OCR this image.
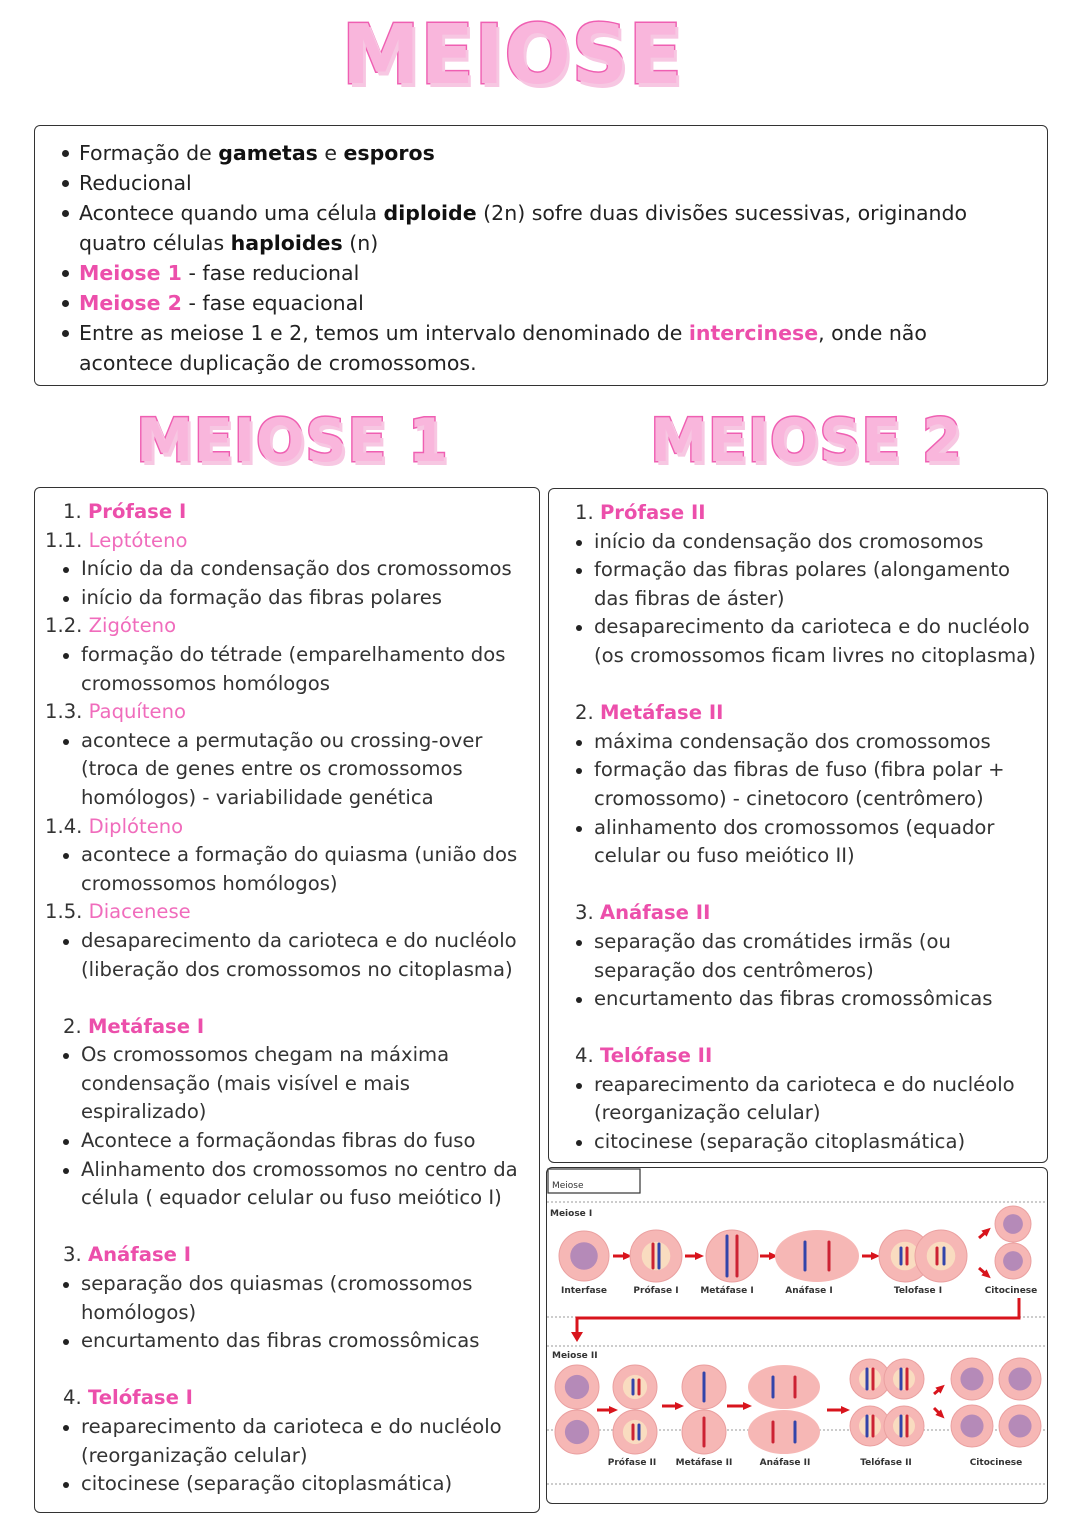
MEIOSE
Formação de gametas e esporos
Reducional
Acontece quando uma célula diploide (2n) sofre duas divisões sucessivas, originando quatro células haploides (n)
Meiose 1 - fase reducional
Meiose 2 - fase equacional
Entre as meiose 1 e 2, temos um intervalo denominado de intercinese, onde não acontece duplicação de cromossomos.
MEIOSE 1	MEIOSE 2
1. Prófase I
1.1. Leptóteno
Início da da condensação dos cromossomos
início da formação das fibras polares
1.2. Zigóteno
formação do tétrade (emparelhamento dos cromossomos homólogos
1.3. Paquíteno
acontece a permutação ou crossing-over (troca de genes entre os cromossomos homólogos) - variabilidade genética
1.4. Diplóteno
acontece a formação do quiasma (união dos cromossomos homólogos)
1.5. Diacenese
desaparecimento da carioteca e do nucléolo (liberação dos cromossomos no citoplasma)
2. Metáfase I
Os cromossomos chegam na máxima condensação (mais visível e mais espiralizado)
Acontece a formaçãondas fibras do fuso
Alinhamento dos cromossomos no centro da célula ( equador celular ou fuso meiótico I)
3. Anáfase I
separação dos quiasmas (cromossomos homólogos)
encurtamento das fibras cromossômicas
4. Telófase I
reaparecimento da carioteca e do nucléolo (reorganização celular)
citocinese (separação citoplasmática)
1. Prófase II
início da condensação dos cromosomos
formação das fibras polares (alongamento das fibras de áster)
desaparecimento da carioteca e do nucléolo (os cromossomos ficam livres no citoplasma)
2. Metáfase II
máxima condensação dos cromossomos
formação das fibras de fuso (fibra polar + cromossomo) - cinetocoro (centrômero)
alinhamento dos cromossomos (equador celular ou fuso meiótico II)
3. Anáfase II
separação das cromátides irmãs (ou separação dos centrômeros)
encurtamento das fibras cromossômicas
4. Telófase II
reaparecimento da carioteca e do nucléolo (reorganização celular)
citocinese (separação citoplasmática)
Meiose
Meiose I
Meiose II
Interfase	Prófase I Metáfase I	Anáfase I	Telofase I	Citocinese
Prófase II Metáfase II	Anáfase II	Telófase II	Citocinese
